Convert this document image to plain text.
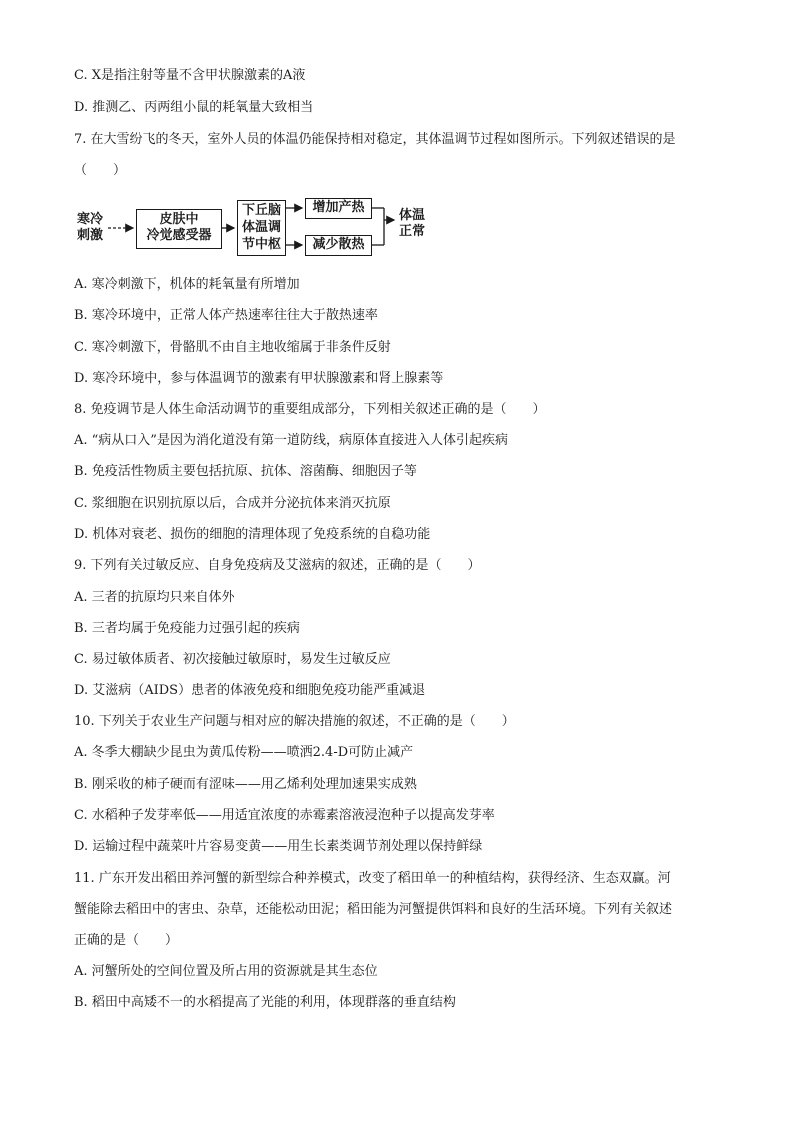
C. X是指注射等量不含甲状腺激素的A液
D. 推测乙、丙两组小鼠的耗氧量大致相当
7. 在大雪纷飞的冬天，室外人员的体温仍能保持相对稳定，其体温调节过程如图所示。下列叙述错误的是
（　　）
寒冷
刺激
皮肤中
冷觉感受器
下丘脑
体温调
节中枢
增加产热
减少散热
体温
正常
A. 寒冷刺激下，机体的耗氧量有所增加
B. 寒冷环境中，正常人体产热速率往往大于散热速率
C. 寒冷刺激下，骨骼肌不由自主地收缩属于非条件反射
D. 寒冷环境中，参与体温调节的激素有甲状腺激素和肾上腺素等
8. 免疫调节是人体生命活动调节的重要组成部分，下列相关叙述正确的是（　　）
A. “病从口入”是因为消化道没有第一道防线，病原体直接进入人体引起疾病
B. 免疫活性物质主要包括抗原、抗体、溶菌酶、细胞因子等
C. 浆细胞在识别抗原以后，合成并分泌抗体来消灭抗原
D. 机体对衰老、损伤的细胞的清理体现了免疫系统的自稳功能
9. 下列有关过敏反应、自身免疫病及艾滋病的叙述，正确的是（　　）
A. 三者的抗原均只来自体外
B. 三者均属于免疫能力过强引起的疾病
C. 易过敏体质者、初次接触过敏原时，易发生过敏反应
D. 艾滋病（AIDS）患者的体液免疫和细胞免疫功能严重减退
10. 下列关于农业生产问题与相对应的解决措施的叙述，不正确的是（　　）
A. 冬季大棚缺少昆虫为黄瓜传粉——喷洒2.4-D可防止减产
B. 刚采收的柿子硬而有涩味——用乙烯利处理加速果实成熟
C. 水稻种子发芽率低——用适宜浓度的赤霉素溶液浸泡种子以提高发芽率
D. 运输过程中蔬菜叶片容易变黄——用生长素类调节剂处理以保持鲜绿
11. 广东开发出稻田养河蟹的新型综合种养模式，改变了稻田单一的种植结构，获得经济、生态双赢。河
蟹能除去稻田中的害虫、杂草，还能松动田泥；稻田能为河蟹提供饵料和良好的生活环境。下列有关叙述
正确的是（　　）
A. 河蟹所处的空间位置及所占用的资源就是其生态位
B. 稻田中高矮不一的水稻提高了光能的利用，体现群落的垂直结构
